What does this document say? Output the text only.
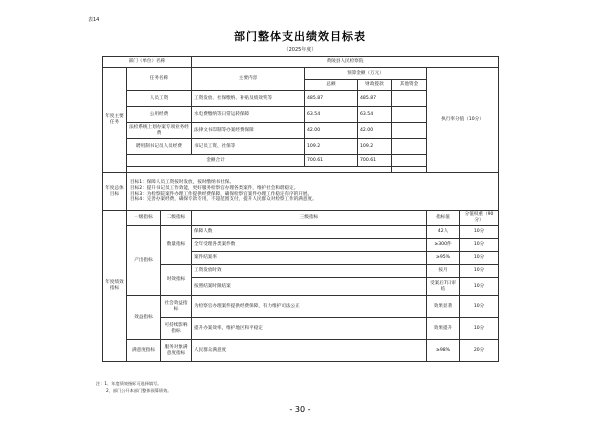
表14
部门整体支出绩效目标表
（2025年度）
部门（单位）名称			黄陵县人民检察院					
年度主要任务	任务名称		主要内容	预算金额（万元）			执行率分值（10分）	
				总额	财政拨款	其他资金		
	人员工资		工资发放、社保缴纳、补贴及绩效奖等	485.87	485.87			
	公用经费		水电费缴纳等日常运转保障	63.54	63.54			
	法检系统上划办案专项业务经费		法律文书印制等办案经费保障	42.00	42.00			
	聘用制书记员人员经费		书记员工资、社保等	109.2	109.2			
	金额合计			700.61	700.61			

年度总体目标	目标1：保障人员工资按时发放，按时缴纳书社保。
目标2：提升书记员工作效能，更好服务检察官办理各类案件，维护社会和谐稳定。
目标3：为检察院案件办理工作提供经费保障，确保检察官案件办理工作稳定有序的开展。
目标4：完善办案经费，确保专款专用，不超范围支付，提升人民群众对检察工作的满意度。							

年度绩效指标	一级指标	二级指标	三级指标				指标值	分值权重（90分）
	产出指标	数量指标	保障人数				42人	10分
			全年受理各类案件数				≥300件	10分
			案件结案率				≥95%	10分
		时效指标	工资发放时效				按月	10分
			按照结案时限结案				受案后7日审结	10分
	效益指标	社会效益指标	为检察官办理案件提供经费保障，有力维护司法公正				效果显著	10分
		可持续影响指标	提升办案效率，维护地区和平稳定				效果提升	10分
	满意度指标	服务对象满意度指标	人民群众满意度				≥98%	20分
注：1、年度绩效指标可选择填写。
2、部门公开本部门整体预算绩效。
- 30 -
